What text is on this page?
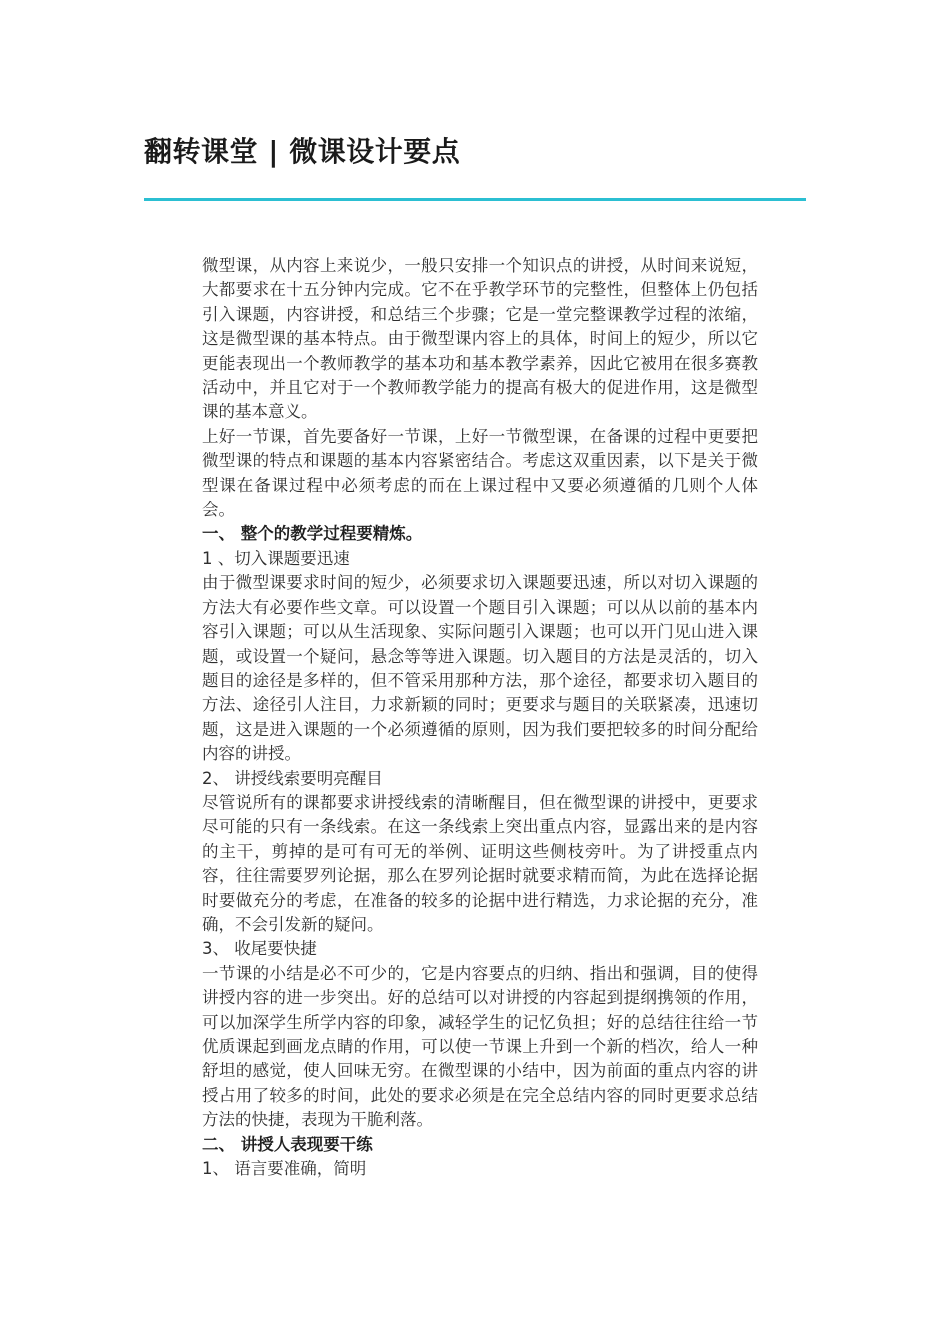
翻转课堂 | 微课设计要点

微型课，从内容上来说少，一般只安排一个知识点的讲授，从时间来说短，大都要求在十五分钟内完成。它不在乎教学环节的完整性，但整体上仍包括引入课题，内容讲授，和总结三个步骤；它是一堂完整课教学过程的浓缩，这是微型课的基本特点。由于微型课内容上的具体，时间上的短少，所以它更能表现出一个教师教学的基本功和基本教学素养，因此它被用在很多赛教活动中，并且它对于一个教师教学能力的提高有极大的促进作用，这是微型课的基本意义。

上好一节课，首先要备好一节课，上好一节微型课，在备课的过程中更要把微型课的特点和课题的基本内容紧密结合。考虑这双重因素，以下是关于微型课在备课过程中必须考虑的而在上课过程中又要必须遵循的几则个人体会。

一、 整个的教学过程要精炼。

1 、切入课题要迅速

由于微型课要求时间的短少，必须要求切入课题要迅速，所以对切入课题的方法大有必要作些文章。可以设置一个题目引入课题；可以从以前的基本内容引入课题；可以从生活现象、实际问题引入课题；也可以开门见山进入课题，或设置一个疑问，悬念等等进入课题。切入题目的方法是灵活的，切入题目的途径是多样的，但不管采用那种方法，那个途径，都要求切入题目的方法、途径引人注目，力求新颖的同时；更要求与题目的关联紧凑，迅速切题，这是进入课题的一个必须遵循的原则，因为我们要把较多的时间分配给内容的讲授。

2、 讲授线索要明亮醒目

尽管说所有的课都要求讲授线索的清晰醒目，但在微型课的讲授中，更要求尽可能的只有一条线索。在这一条线索上突出重点内容，显露出来的是内容的主干，剪掉的是可有可无的举例、证明这些侧枝旁叶。为了讲授重点内容，往往需要罗列论据，那么在罗列论据时就要求精而简，为此在选择论据时要做充分的考虑，在准备的较多的论据中进行精选，力求论据的充分，准确，不会引发新的疑问。

3、 收尾要快捷

一节课的小结是必不可少的，它是内容要点的归纳、指出和强调，目的使得讲授内容的进一步突出。好的总结可以对讲授的内容起到提纲携领的作用，可以加深学生所学内容的印象，减轻学生的记忆负担；好的总结往往给一节优质课起到画龙点睛的作用，可以使一节课上升到一个新的档次，给人一种舒坦的感觉，使人回味无穷。在微型课的小结中，因为前面的重点内容的讲授占用了较多的时间，此处的要求必须是在完全总结内容的同时更要求总结方法的快捷，表现为干脆利落。

二、 讲授人表现要干练

1、 语言要准确，简明
